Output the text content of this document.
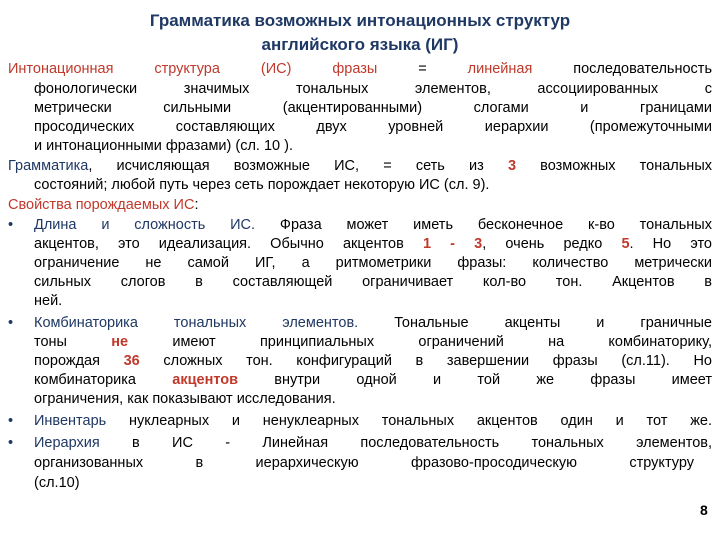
Грамматика возможных интонационных структур
английского языка (ИГ)
Интонационная структура (ИС) фразы = линейная последовательность
фонологически значимых тональных элементов, ассоциированных с
метрически сильными (акцентированными) слогами и границами
просодических составляющих двух уровней иерархии (промежуточными
и интонационными фразами) (сл. 10 ).
Грамматика, исчисляющая возможные ИС, = сеть из 3 возможных тональных
состояний; любой путь через сеть порождает некоторую ИС (сл. 9).
Свойства порождаемых ИС:
• Длина и сложность ИС. Фраза может иметь бесконечное к-во тональных
акцентов, это идеализация. Обычно акцентов 1 - 3, очень редко 5. Но это
ограничение не самой ИГ, а ритмометрики фразы: количество метрически
сильных слогов в составляющей ограничивает кол-во тон. Акцентов в
ней.
• Комбинаторика тональных элементов. Тональные акценты и граничные
тоны не имеют принципиальных ограничений на комбинаторику,
порождая 36 сложных тон. конфигураций в завершении фразы (сл.11). Но
комбинаторика акцентов внутри одной и той же фразы имеет
ограничения, как показывают исследования.
• Инвентарь нуклеарных и ненуклеарных тональных акцентов один и тот же.
• Иерархия в ИС - Линейная последовательность тональных элементов,
организованных в иерархическую фразово-просодическую структуру
(сл.10)
8
